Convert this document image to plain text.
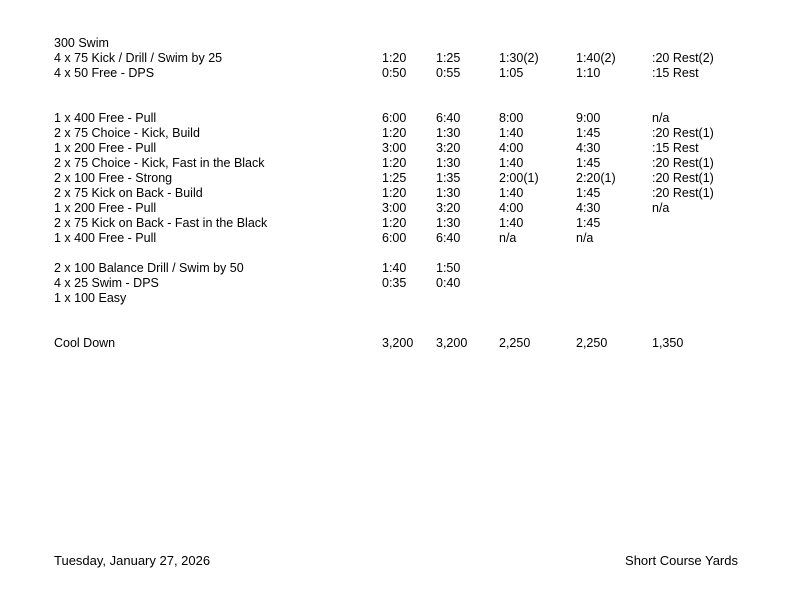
300 Swim
4 x 75 Kick / Drill / Swim by 25	1:20	1:25	1:30(2)	1:40(2)	:20 Rest(2)
4 x 50 Free - DPS	0:50	0:55	1:05	1:10	:15 Rest
1 x 400 Free - Pull	6:00	6:40	8:00	9:00	n/a
2 x 75 Choice - Kick, Build	1:20	1:30	1:40	1:45	:20 Rest(1)
1 x 200 Free - Pull	3:00	3:20	4:00	4:30	:15 Rest
2 x 75 Choice - Kick, Fast in the Black	1:20	1:30	1:40	1:45	:20 Rest(1)
2 x 100 Free - Strong	1:25	1:35	2:00(1)	2:20(1)	:20 Rest(1)
2 x 75 Kick on Back - Build	1:20	1:30	1:40	1:45	:20 Rest(1)
1 x 200 Free - Pull	3:00	3:20	4:00	4:30	n/a
2 x 75 Kick on Back - Fast in the Black	1:20	1:30	1:40	1:45
1 x 400 Free - Pull	6:00	6:40	n/a	n/a
2 x 100 Balance Drill / Swim by 50	1:40	1:50
4 x 25 Swim - DPS	0:35	0:40
1 x 100 Easy
Cool Down	3,200	3,200	2,250	2,250	1,350
Tuesday, January 27, 2026	Short Course Yards
